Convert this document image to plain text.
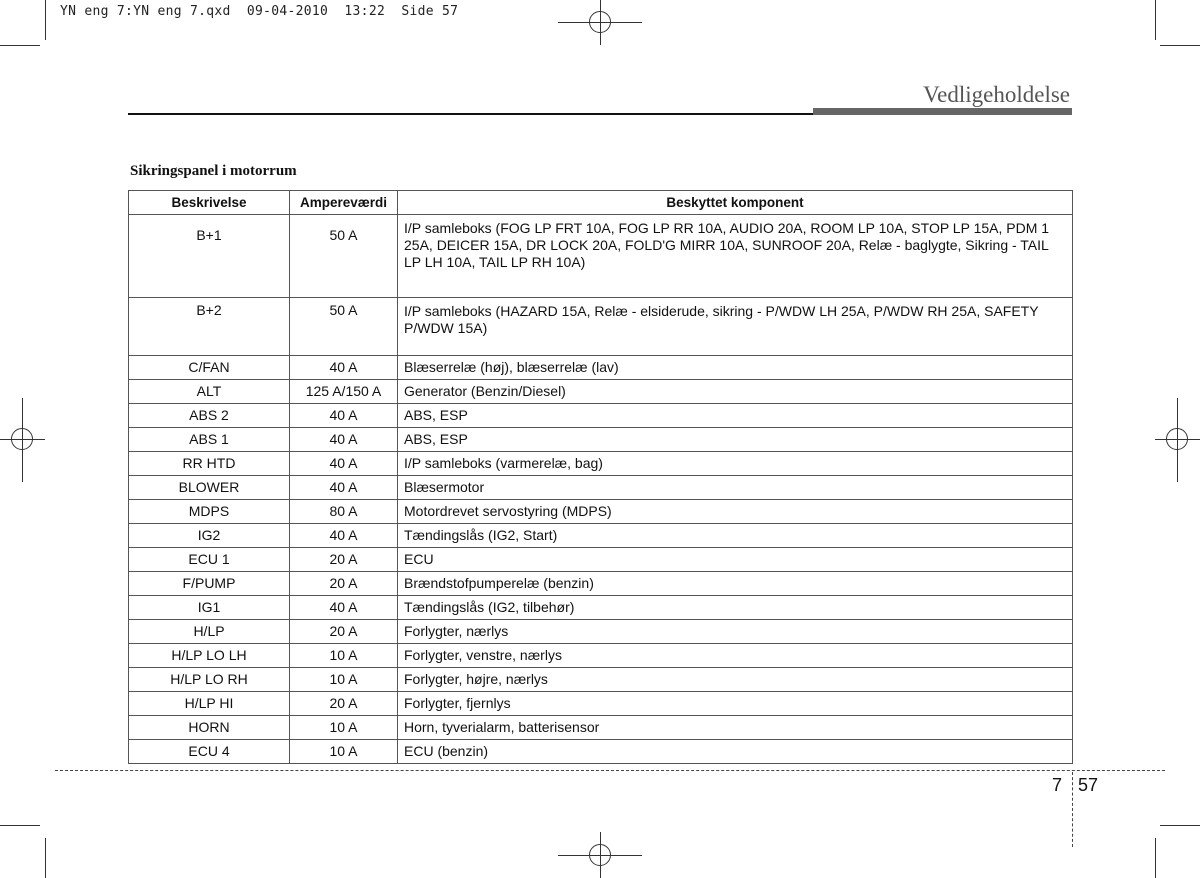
YN eng 7:YN eng 7.qxd  09-04-2010  13:22  Side 57
Vedligeholdelse
Sikringspanel i motorrum
Beskrivelse	Ampereværdi	Beskyttet komponent
B+1	50 A	I/P samleboks (FOG LP FRT 10A, FOG LP RR 10A, AUDIO 20A, ROOM LP 10A, STOP LP 15A, PDM 1 25A, DEICER 15A, DR LOCK 20A, FOLD'G MIRR 10A, SUNROOF 20A, Relæ - baglygte, Sikring - TAIL LP LH 10A, TAIL LP RH 10A)
B+2	50 A	I/P samleboks (HAZARD 15A, Relæ - elsiderude, sikring - P/WDW LH 25A, P/WDW RH 25A, SAFETY P/WDW 15A)
C/FAN	40 A	Blæserrelæ (høj), blæserrelæ (lav)
ALT	125 A/150 A	Generator (Benzin/Diesel)
ABS 2	40 A	ABS, ESP
ABS 1	40 A	ABS, ESP
RR HTD	40 A	I/P samleboks (varmerelæ, bag)
BLOWER	40 A	Blæsermotor
MDPS	80 A	Motordrevet servostyring (MDPS)
IG2	40 A	Tændingslås (IG2, Start)
ECU 1	20 A	ECU
F/PUMP	20 A	Brændstofpumperelæ (benzin)
IG1	40 A	Tændingslås (IG2, tilbehør)
H/LP	20 A	Forlygter, nærlys
H/LP LO LH	10 A	Forlygter, venstre, nærlys
H/LP LO RH	10 A	Forlygter, højre, nærlys
H/LP HI	20 A	Forlygter, fjernlys
HORN	10 A	Horn, tyverialarm, batterisensor
ECU 4	10 A	ECU (benzin)
7 57
